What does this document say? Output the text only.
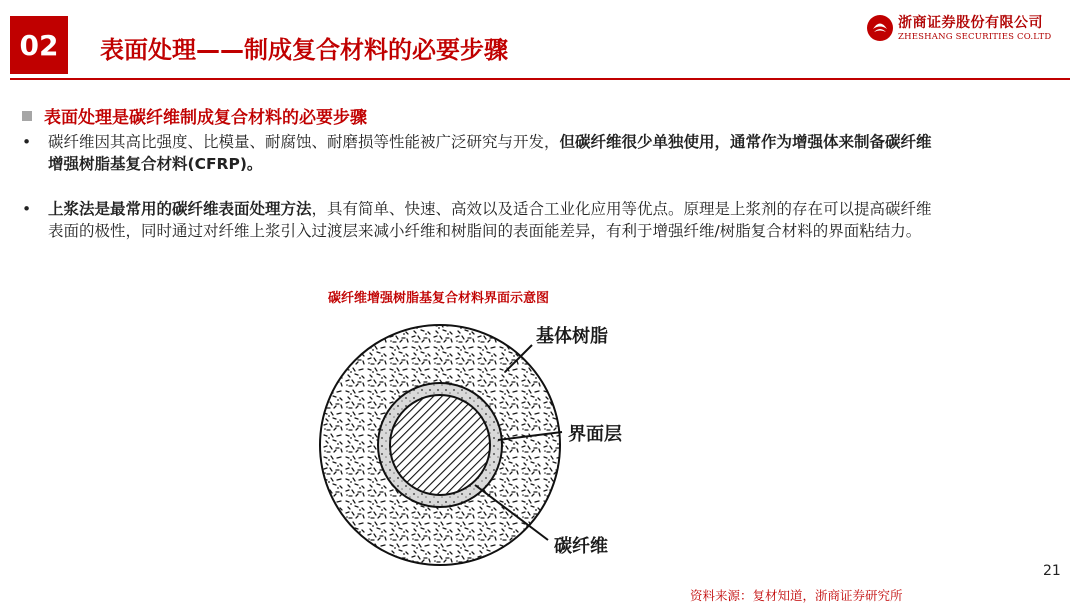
02	表面处理——制成复合材料的必要步骤
浙商证券股份有限公司
ZHESHANG SECURITIES CO.LTD
表面处理是碳纤维制成复合材料的必要步骤
• 碳纤维因其高比强度、比模量、耐腐蚀、耐磨损等性能被广泛研究与开发，但碳纤维很少单独使用，通常作为增强体来制备碳纤维增强树脂基复合材料(CFRP)。
• 上浆法是最常用的碳纤维表面处理方法，具有简单、快速、高效以及适合工业化应用等优点。原理是上浆剂的存在可以提高碳纤维表面的极性，同时通过对纤维上浆引入过渡层来减小纤维和树脂间的表面能差异，有利于增强纤维/树脂复合材料的界面粘结力。
碳纤维增强树脂基复合材料界面示意图
基体树脂
界面层
碳纤维
21
资料来源：复材知道，浙商证券研究所
